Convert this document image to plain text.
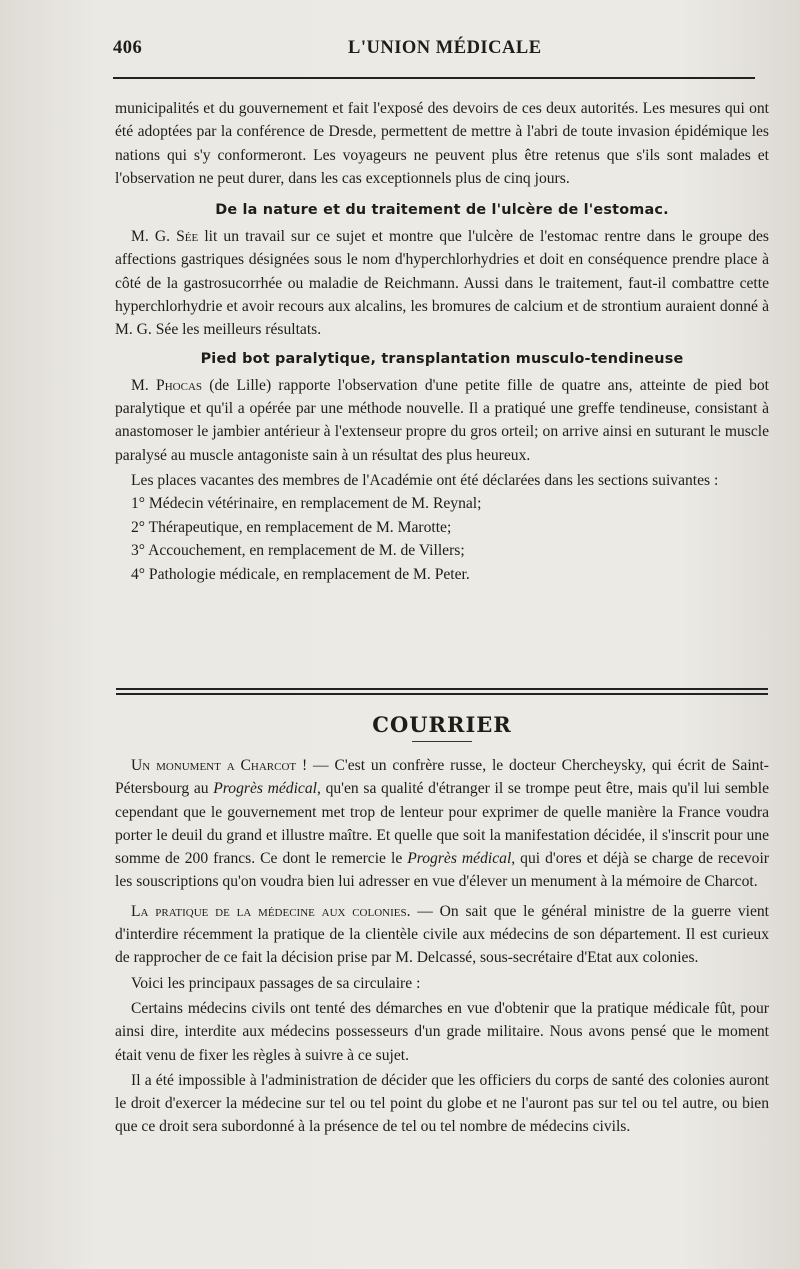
406	L'UNION MÉDICALE

municipalités et du gouvernement et fait l'exposé des devoirs de ces deux autorités. Les mesures qui ont été adoptées par la conférence de Dresde, permettent de mettre à l'abri de toute invasion épidémique les nations qui s'y conformeront. Les voyageurs ne peuvent plus être retenus que s'ils sont malades et l'observation ne peut durer, dans les cas exceptionnels plus de cinq jours.

De la nature et du traitement de l'ulcère de l'estomac.

M. G. Sée lit un travail sur ce sujet et montre que l'ulcère de l'estomac rentre dans le groupe des affections gastriques désignées sous le nom d'hyperchlorhydries et doit en conséquence prendre place à côté de la gastrosucorrhée ou maladie de Reichmann. Aussi dans le traitement, faut-il combattre cette hyperchlorhydrie et avoir recours aux alcalins, les bromures de calcium et de strontium auraient donné à M. G. Sée les meilleurs résultats.

Pied bot paralytique, transplantation musculo-tendineuse

M. Phocas (de Lille) rapporte l'observation d'une petite fille de quatre ans, atteinte de pied bot paralytique et qu'il a opérée par une méthode nouvelle. Il a pratiqué une greffe tendineuse, consistant à anastomoser le jambier antérieur à l'extenseur propre du gros orteil; on arrive ainsi en suturant le muscle paralysé au muscle antagoniste sain à un résultat des plus heureux.

Les places vacantes des membres de l'Académie ont été déclarées dans les sections suivantes :

1° Médecin vétérinaire, en remplacement de M. Reynal;

2° Thérapeutique, en remplacement de M. Marotte;

3° Accouchement, en remplacement de M. de Villers;

4° Pathologie médicale, en remplacement de M. Peter.

COURRIER

Un monument a Charcot ! — C'est un confrère russe, le docteur Chercheysky, qui écrit de Saint-Pétersbourg au Progrès médical, qu'en sa qualité d'étranger il se trompe peut être, mais qu'il lui semble cependant que le gouvernement met trop de lenteur pour exprimer de quelle manière la France voudra porter le deuil du grand et illustre maître. Et quelle que soit la manifestation décidée, il s'inscrit pour une somme de 200 francs. Ce dont le remercie le Progrès médical, qui d'ores et déjà se charge de recevoir les souscriptions qu'on voudra bien lui adresser en vue d'élever un menument à la mémoire de Charcot.

La pratique de la médecine aux colonies. — On sait que le général ministre de la guerre vient d'interdire récemment la pratique de la clientèle civile aux médecins de son département. Il est curieux de rapprocher de ce fait la décision prise par M. Delcassé, sous-secrétaire d'Etat aux colonies.

Voici les principaux passages de sa circulaire :

Certains médecins civils ont tenté des démarches en vue d'obtenir que la pratique médicale fût, pour ainsi dire, interdite aux médecins possesseurs d'un grade militaire. Nous avons pensé que le moment était venu de fixer les règles à suivre à ce sujet.

Il a été impossible à l'administration de décider que les officiers du corps de santé des colonies auront le droit d'exercer la médecine sur tel ou tel point du globe et ne l'auront pas sur tel ou tel autre, ou bien que ce droit sera subordonné à la présence de tel ou tel nombre de médecins civils.
